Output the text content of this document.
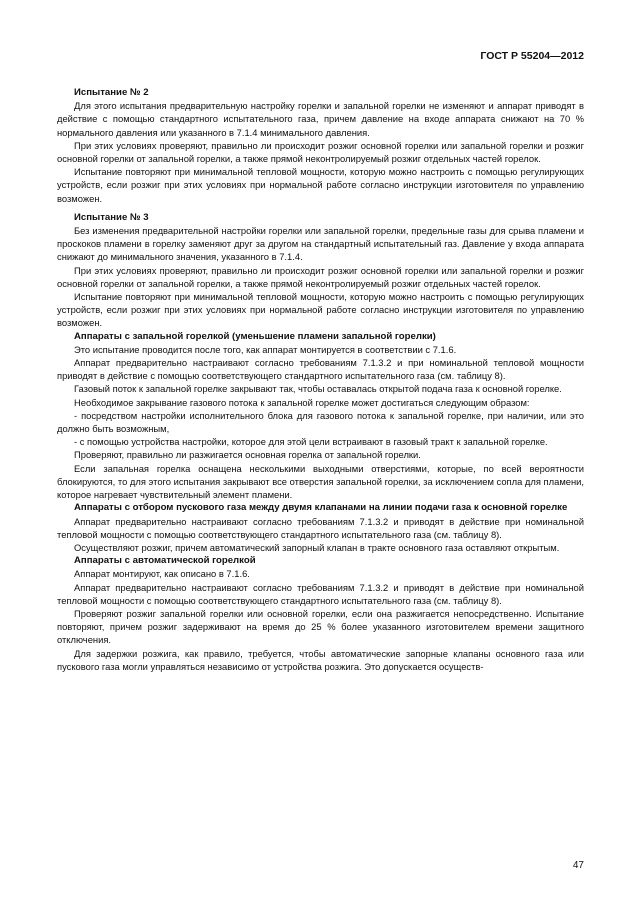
ГОСТ Р 55204—2012
Испытание № 2

Для этого испытания предварительную настройку горелки и запальной горелки не изменяют и аппарат приводят в действие с помощью стандартного испытательного газа, причем давление на входе аппарата снижают на 70 % нормального давления или указанного в 7.1.4 минимального давления.

При этих условиях проверяют, правильно ли происходит розжиг основной горелки или запальной горелки и розжиг основной горелки от запальной горелки, а также прямой неконтролируемый розжиг отдельных частей горелок.

Испытание повторяют при минимальной тепловой мощности, которую можно настроить с помощью регулирующих устройств, если розжиг при этих условиях при нормальной работе согласно инструкции изготовителя по управлению возможен.

Испытание № 3

Без изменения предварительной настройки горелки или запальной горелки, предельные газы для срыва пламени и проскоков пламени в горелку заменяют друг за другом на стандартный испытательный газ. Давление у входа аппарата снижают до минимального значения, указанного в 7.1.4.

При этих условиях проверяют, правильно ли происходит розжиг основной горелки или запальной горелки и розжиг основной горелки от запальной горелки, а также прямой неконтролируемый розжиг отдельных частей горелок.

Испытание повторяют при минимальной тепловой мощности, которую можно настроить с помощью регулирующих устройств, если розжиг при этих условиях при нормальной работе согласно инструкции изготовителя по управлению возможен.

Аппараты с запальной горелкой (уменьшение пламени запальной горелки)

Это испытание проводится после того, как аппарат монтируется в соответствии с 7.1.6.

Аппарат предварительно настраивают согласно требованиям 7.1.3.2 и при номинальной тепловой мощности приводят в действие с помощью соответствующего стандартного испытательного газа (см. таблицу 8).

Газовый поток к запальной горелке закрывают так, чтобы оставалась открытой подача газа к основной горелке.

Необходимое закрывание газового потока к запальной горелке может достигаться следующим образом:

- посредством настройки исполнительного блока для газового потока к запальной горелке, при наличии, или это должно быть возможным,

- с помощью устройства настройки, которое для этой цели встраивают в газовый тракт к запальной горелке.

Проверяют, правильно ли разжигается основная горелка от запальной горелки.

Если запальная горелка оснащена несколькими выходными отверстиями, которые, по всей вероятности блокируются, то для этого испытания закрывают все отверстия запальной горелки, за исключением сопла для пламени, которое нагревает чувствительный элемент пламени.

Аппараты с отбором пускового газа между двумя клапанами на линии подачи газа к основной горелке

Аппарат предварительно настраивают согласно требованиям 7.1.3.2 и приводят в действие при номинальной тепловой мощности с помощью соответствующего стандартного испытательного газа (см. таблицу 8).

Осуществляют розжиг, причем автоматический запорный клапан в тракте основного газа оставляют открытым.

Аппараты с автоматической горелкой

Аппарат монтируют, как описано в 7.1.6.

Аппарат предварительно настраивают согласно требованиям 7.1.3.2 и приводят в действие при номинальной тепловой мощности с помощью соответствующего стандартного испытательного газа (см. таблицу 8).

Проверяют розжиг запальной горелки или основной горелки, если она разжигается непосредственно. Испытание повторяют, причем розжиг задерживают на время до 25 % более указанного изготовителем времени защитного отключения.

Для задержки розжига, как правило, требуется, чтобы автоматические запорные клапаны основного газа или пускового газа могли управляться независимо от устройства розжига. Это допускается осуществ-

47
